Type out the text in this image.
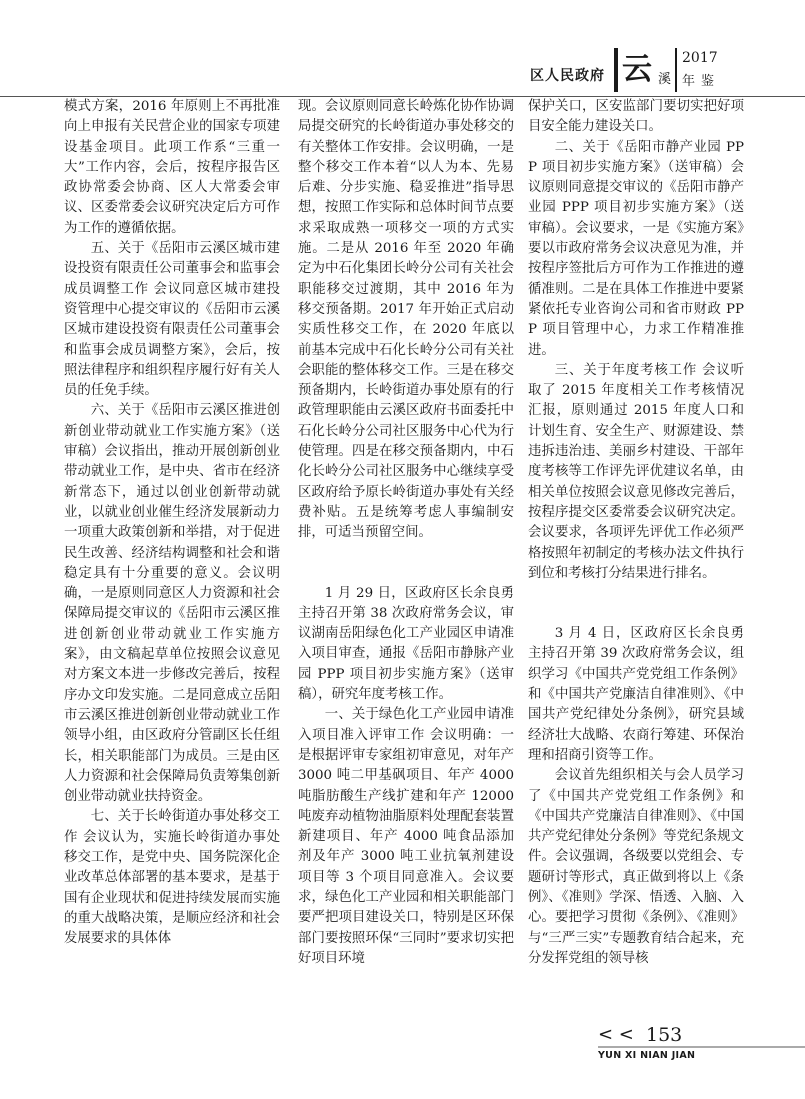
区人民政府 云 溪
2017
年鉴

模式方案，2016 年原则上不再批准向上申报有关民营企业的国家专项建设基金项目。此项工作系“三重一大”工作内容，会后，按程序报告区政协常委会协商、区人大常委会审议、区委常委会议研究决定后方可作为工作的遵循依据。

五、关于《岳阳市云溪区城市建设投资有限责任公司董事会和监事会成员调整工作 会议同意区城市建投资管理中心提交审议的《岳阳市云溪区城市建设投资有限责任公司董事会和监事会成员调整方案》，会后，按照法律程序和组织程序履行好有关人员的任免手续。

六、关于《岳阳市云溪区推进创新创业带动就业工作实施方案》（送审稿）会议指出，推动开展创新创业带动就业工作，是中央、省市在经济新常态下，通过以创业创新带动就业，以就业创业催生经济发展新动力一项重大政策创新和举措，对于促进民生改善、经济结构调整和社会和谐稳定具有十分重要的意义。会议明确，一是原则同意区人力资源和社会保障局提交审议的《岳阳市云溪区推进创新创业带动就业工作实施方案》，由文稿起草单位按照会议意见对方案文本进一步修改完善后，按程序办文印发实施。二是同意成立岳阳市云溪区推进创新创业带动就业工作领导小组，由区政府分管副区长任组长，相关职能部门为成员。三是由区人力资源和社会保障局负责筹集创新创业带动就业扶持资金。

七、关于长岭街道办事处移交工作 会议认为，实施长岭街道办事处移交工作，是党中央、国务院深化企业改革总体部署的基本要求，是基于国有企业现状和促进持续发展而实施的重大战略决策，是顺应经济和社会发展要求的具体体

现。会议原则同意长岭炼化协作协调局提交研究的长岭街道办事处移交的有关整体工作安排。会议明确，一是整个移交工作本着“以人为本、先易后难、分步实施、稳妥推进”指导思想，按照工作实际和总体时间节点要求采取成熟一项移交一项的方式实施。二是从 2016 年至 2020 年确定为中石化集团长岭分公司有关社会职能移交过渡期，其中 2016 年为移交预备期。2017 年开始正式启动实质性移交工作，在 2020 年底以前基本完成中石化长岭分公司有关社会职能的整体移交工作。三是在移交预备期内，长岭街道办事处原有的行政管理职能由云溪区政府书面委托中石化长岭分公司社区服务中心代为行使管理。四是在移交预备期内，中石化长岭分公司社区服务中心继续享受区政府给予原长岭街道办事处有关经费补贴。五是统筹考虑人事编制安排，可适当预留空间。

1 月 29 日，区政府区长余良勇主持召开第 38 次政府常务会议，审议湖南岳阳绿色化工产业园区申请准入项目审查，通报《岳阳市静脉产业园 PPP 项目初步实施方案》（送审稿），研究年度考核工作。

一、关于绿色化工产业园申请准入项目准入评审工作 会议明确：一是根据评审专家组初审意见，对年产 3000 吨二甲基砜项目、年产 4000 吨脂肪酸生产线扩建和年产 12000 吨废弃动植物油脂原料处理配套装置新建项目、年产 4000 吨食品添加剂及年产 3000 吨工业抗氧剂建设项目等 3 个项目同意准入。会议要求，绿色化工产业园和相关职能部门要严把项目建设关口，特别是区环保部门要按照环保“三同时”要求切实把好项目环境

保护关口，区安监部门要切实把好项目安全能力建设关口。

二、关于《岳阳市静产业园 PPP 项目初步实施方案》（送审稿）会议原则同意提交审议的《岳阳市静产业园 PPP 项目初步实施方案》（送审稿）。会议要求，一是《实施方案》要以市政府常务会议决意见为准，并按程序签批后方可作为工作推进的遵循准则。二是在具体工作推进中要紧紧依托专业咨询公司和省市财政 PPP 项目管理中心，力求工作精准推进。

三、关于年度考核工作 会议听取了 2015 年度相关工作考核情况汇报，原则通过 2015 年度人口和计划生育、安全生产、财源建设、禁违拆违治违、美丽乡村建设、干部年度考核等工作评先评优建议名单，由相关单位按照会议意见修改完善后，按程序提交区委常委会议研究决定。会议要求，各项评先评优工作必须严格按照年初制定的考核办法文件执行到位和考核打分结果进行排名。

3 月 4 日，区政府区长余良勇主持召开第 39 次政府常务会议，组织学习《中国共产党党组工作条例》和《中国共产党廉洁自律准则》、《中国共产党纪律处分条例》，研究县域经济壮大战略、农商行筹建、环保治理和招商引资等工作。

会议首先组织相关与会人员学习了《中国共产党党组工作条例》和《中国共产党廉洁自律准则》、《中国共产党纪律处分条例》等党纪条规文件。会议强调，各级要以党组会、专题研讨等形式，真正做到将以上《条例》、《准则》学深、悟透、入脑、入心。要把学习贯彻《条例》、《准则》与“三严三实”专题教育结合起来，充分发挥党组的领导核

< < 153
YUN XI NIAN JIAN
